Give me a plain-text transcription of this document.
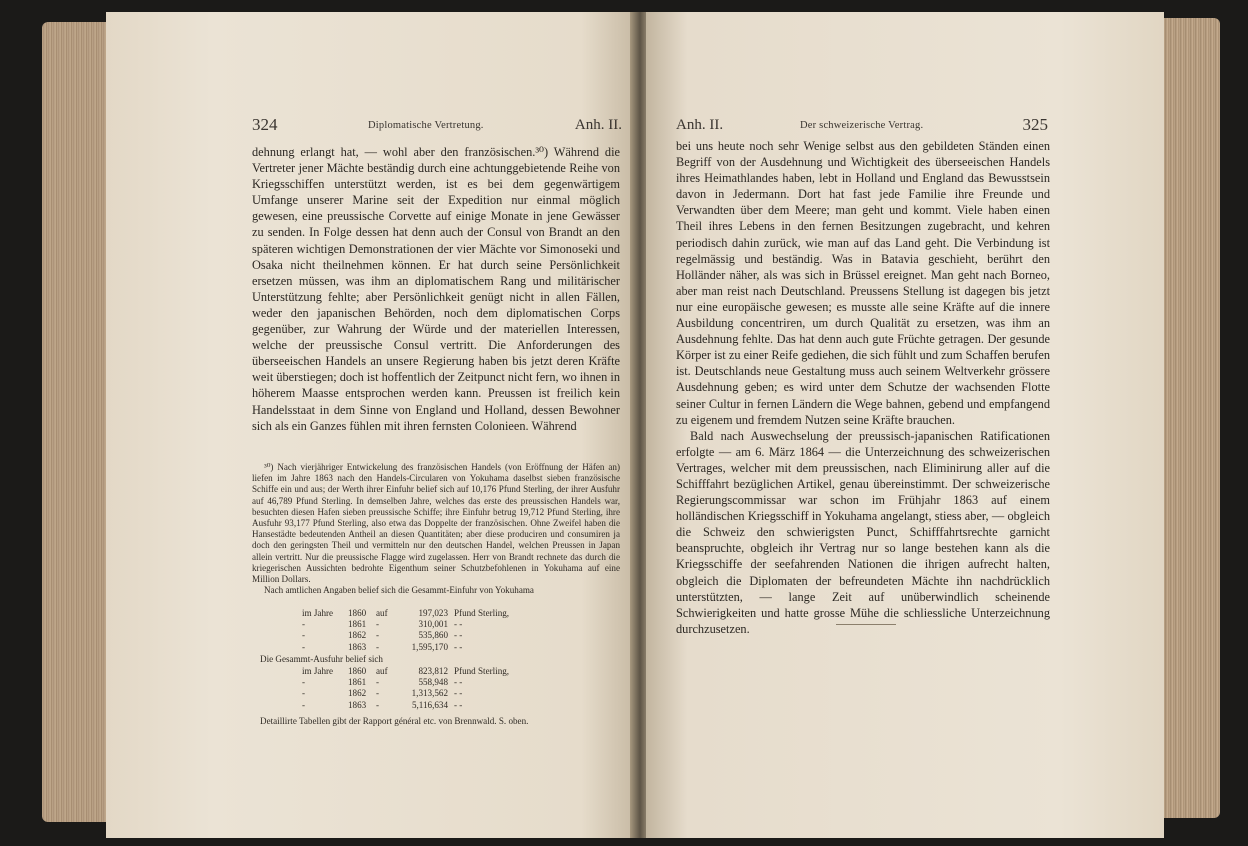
324	Diplomatische Vertretung.	Anh. II.

dehnung erlangt hat, — wohl aber den französischen.³⁰) Während die Vertreter jener Mächte beständig durch eine achtunggebietende Reihe von Kriegsschiffen unterstützt werden, ist es bei dem gegenwärtigem Umfange unserer Marine seit der Expedition nur einmal möglich gewesen, eine preussische Corvette auf einige Monate in jene Gewässer zu senden. In Folge dessen hat denn auch der Consul von Brandt an den späteren wichtigen Demonstrationen der vier Mächte vor Simonoseki und Osaka nicht theilnehmen können. Er hat durch seine Persönlichkeit ersetzen müssen, was ihm an diplomatischem Rang und militärischer Unterstützung fehlte; aber Persönlichkeit genügt nicht in allen Fällen, weder den japanischen Behörden, noch dem diplomatischen Corps gegenüber, zur Wahrung der Würde und der materiellen Interessen, welche der preussische Consul vertritt. Die Anforderungen des überseeischen Handels an unsere Regierung haben bis jetzt deren Kräfte weit überstiegen; doch ist hoffentlich der Zeitpunct nicht fern, wo ihnen in höherem Maasse entsprochen werden kann. Preussen ist freilich kein Handelsstaat in dem Sinne von England und Holland, dessen Bewohner sich als ein Ganzes fühlen mit ihren fernsten Colonieen. Während

³⁰) Nach vierjähriger Entwickelung des französischen Handels (von Eröffnung der Häfen an) liefen im Jahre 1863 nach den Handels-Circularen von Yokuhama daselbst sieben französische Schiffe ein und aus; der Werth ihrer Einfuhr belief sich auf 10,176 Pfund Sterling, der ihrer Ausfuhr auf 46,789 Pfund Sterling. In demselben Jahre, welches das erste des preussischen Handels war, besuchten diesen Hafen sieben preussische Schiffe; ihre Einfuhr betrug 19,712 Pfund Sterling, ihre Ausfuhr 93,177 Pfund Sterling, also etwa das Doppelte der französischen. Ohne Zweifel haben die Hansestädte bedeutenden Antheil an diesen Quantitäten; aber diese produciren und consumiren ja doch den geringsten Theil und vermitteln nur den deutschen Handel, welchen Preussen in Japan allein vertritt. Nur die preussische Flagge wird zugelassen. Herr von Brandt rechnete das durch die kriegerischen Aussichten bedrohte Eigenthum seiner Schutzbefohlenen in Yokuhama auf eine Million Dollars.

Nach amtlichen Angaben belief sich die Gesammt-Einfuhr von Yokuhama

im Jahre	1860	auf	197,023 Pfund Sterling,
-	1861	-	310,001 - -
-	1862	-	535,860 - -
-	1863	-	1,595,170 - -
Die Gesammt-Ausfuhr belief sich
im Jahre	1860	auf	823,812 Pfund Sterling,
-	1861	-	558,948 - -
-	1862	-	1,313,562 - -
-	1863	-	5,116,634 - -
Detaillirte Tabellen gibt der Rapport général etc. von Brennwald. S. oben.
Anh. II.	Der schweizerische Vertrag.	325

bei uns heute noch sehr Wenige selbst aus den gebildeten Ständen einen Begriff von der Ausdehnung und Wichtigkeit des überseeischen Handels ihres Heimathlandes haben, lebt in Holland und England das Bewusstsein davon in Jedermann. Dort hat fast jede Familie ihre Freunde und Verwandten über dem Meere; man geht und kommt. Viele haben einen Theil ihres Lebens in den fernen Besitzungen zugebracht, und kehren periodisch dahin zurück, wie man auf das Land geht. Die Verbindung ist regelmässig und beständig. Was in Batavia geschieht, berührt den Holländer näher, als was sich in Brüssel ereignet. Man geht nach Borneo, aber man reist nach Deutschland. Preussens Stellung ist dagegen bis jetzt nur eine europäische gewesen; es musste alle seine Kräfte auf die innere Ausbildung concentriren, um durch Qualität zu ersetzen, was ihm an Ausdehnung fehlte. Das hat denn auch gute Früchte getragen. Der gesunde Körper ist zu einer Reife gediehen, die sich fühlt und zum Schaffen berufen ist. Deutschlands neue Gestaltung muss auch seinem Weltverkehr grössere Ausdehnung geben; es wird unter dem Schutze der wachsenden Flotte seiner Cultur in fernen Ländern die Wege bahnen, gebend und empfangend zu eigenem und fremdem Nutzen seine Kräfte brauchen.

Bald nach Auswechselung der preussisch-japanischen Ratificationen erfolgte — am 6. März 1864 — die Unterzeichnung des schweizerischen Vertrages, welcher mit dem preussischen, nach Eliminirung aller auf die Schifffahrt bezüglichen Artikel, genau übereinstimmt. Der schweizerische Regierungscommissar war schon im Frühjahr 1863 auf einem holländischen Kriegsschiff in Yokuhama angelangt, stiess aber, — obgleich die Schweiz den schwierigsten Punct, Schifffahrtsrechte garnicht beanspruchte, obgleich ihr Vertrag nur so lange bestehen kann als die Kriegsschiffe der seefahrenden Nationen die ihrigen aufrecht halten, obgleich die Diplomaten der befreundeten Mächte ihn nachdrücklich unterstützten, — lange Zeit auf unüberwindlich scheinende Schwierigkeiten und hatte grosse Mühe die schliessliche Unterzeichnung durchzusetzen.
